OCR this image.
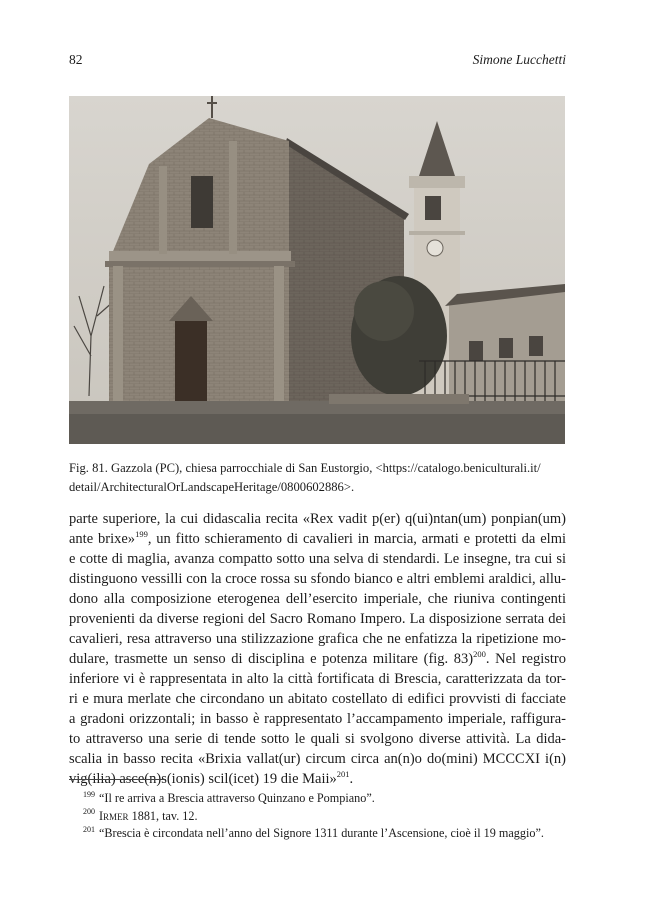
82	Simone Lucchetti
Fig. 81. Gazzola (PC), chiesa parrocchiale di San Eustorgio, <https://catalogo.beniculturali.it/
detail/ArchitecturalOrLandscapeHeritage/0800602886>.
parte superiore, la cui didascalia recita «Rex vadit p(er) q(ui)ntan(um) ponpian(um)
ante brixe»$^{199}$, un fitto schieramento di cavalieri in marcia, armati e protetti da elmi
e cotte di maglia, avanza compatto sotto una selva di stendardi. Le insegne, tra cui si
distinguono vessilli con la croce rossa su sfondo bianco e altri emblemi araldici, allu-
dono alla composizione eterogenea dell’esercito imperiale, che riuniva contingenti
provenienti da diverse regioni del Sacro Romano Impero. La disposizione serrata dei
cavalieri, resa attraverso una stilizzazione grafica che ne enfatizza la ripetizione mo-
dulare, trasmette un senso di disciplina e potenza militare (fig. 83)$^{200}$. Nel registro
inferiore vi è rappresentata in alto la città fortificata di Brescia, caratterizzata da tor-
ri e mura merlate che circondano un abitato costellato di edifici provvisti di facciate
a gradoni orizzontali; in basso è rappresentato l’accampamento imperiale, raffigura-
to attraverso una serie di tende sotto le quali si svolgono diverse attività. La dida-
scalia in basso recita «Brixia vallat(ur) circum circa an(n)o do(mini) MCCCXI i(n)
vig(ilia) asce(n)s(ionis) scil(icet) 19 die Maii»$^{201}$.
$^{199}$ “Il re arriva a Brescia attraverso Quinzano e Pompiano”.
$^{200}$ Irmer 1881, tav. 12.
$^{201}$ “Brescia è circondata nell’anno del Signore 1311 durante l’Ascensione, cioè il 19 maggio”.
